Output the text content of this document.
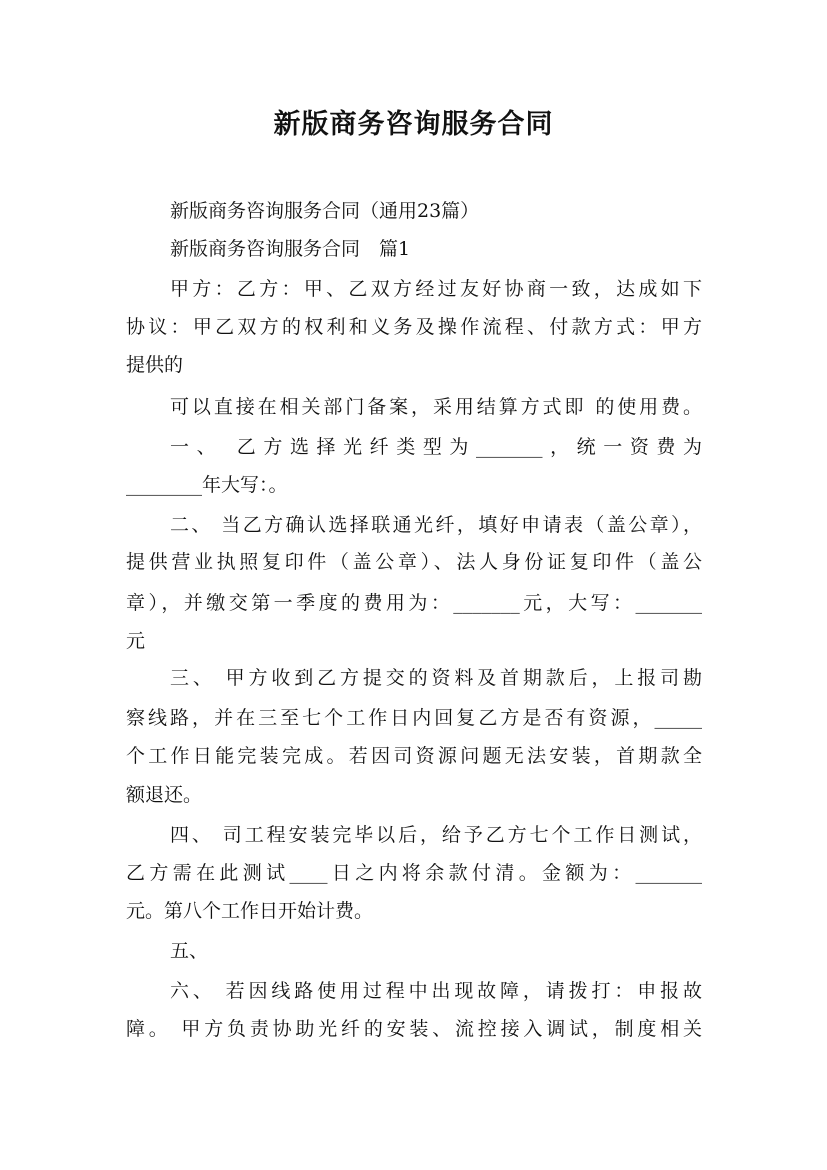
新版商务咨询服务合同

新版商务咨询服务合同（通用23篇）

新版商务咨询服务合同　篇1

甲方：乙方：甲、乙双方经过友好协商一致，达成如下

协议：甲乙双方的权利和义务及操作流程、付款方式：甲方

提供的

可以直接在相关部门备案，采用结算方式即 的使用费。

一、 乙方选择光纤类型为_______，统一资费为

________年大写：。

二、 当乙方确认选择联通光纤，填好申请表（盖公章），

提供营业执照复印件（盖公章）、法人身份证复印件（盖公

章），并缴交第一季度的费用为：_______元，大写：_______

元

三、 甲方收到乙方提交的资料及首期款后，上报司勘

察线路，并在三至七个工作日内回复乙方是否有资源，_____

个工作日能完装完成。若因司资源问题无法安装，首期款全

额退还。

四、 司工程安装完毕以后，给予乙方七个工作日测试，

乙方需在此测试____日之内将余款付清。金额为：_______

元。第八个工作日开始计费。

五、

六、 若因线路使用过程中出现故障，请拨打：申报故

障。 甲方负责协助光纤的安装、流控接入调试，制度相关
